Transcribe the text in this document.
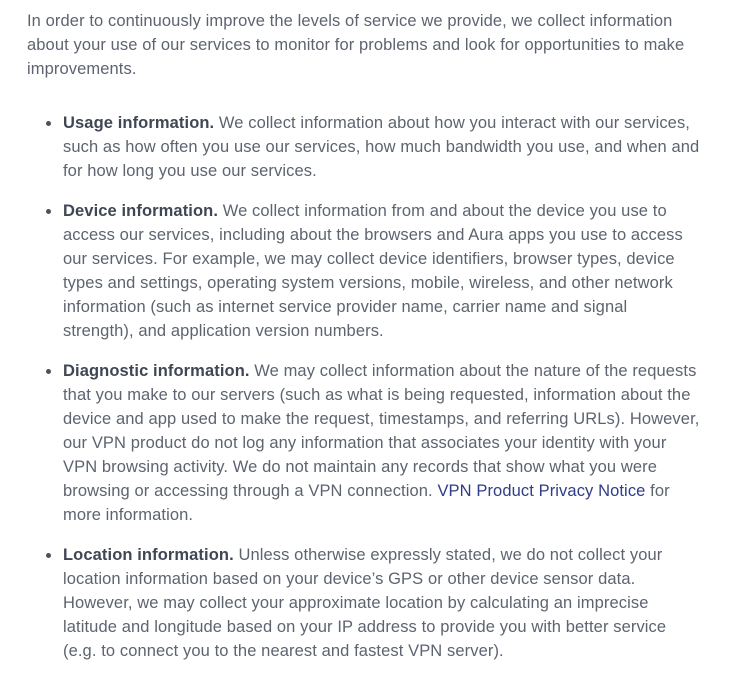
In order to continuously improve the levels of service we provide, we collect information about your use of our services to monitor for problems and look for opportunities to make improvements.

Usage information. We collect information about how you interact with our services, such as how often you use our services, how much bandwidth you use, and when and for how long you use our services.
Device information. We collect information from and about the device you use to access our services, including about the browsers and Aura apps you use to access our services. For example, we may collect device identifiers, browser types, device types and settings, operating system versions, mobile, wireless, and other network information (such as internet service provider name, carrier name and signal strength), and application version numbers.
Diagnostic information. We may collect information about the nature of the requests that you make to our servers (such as what is being requested, information about the device and app used to make the request, timestamps, and referring URLs). However, our VPN product do not log any information that associates your identity with your VPN browsing activity. We do not maintain any records that show what you were browsing or accessing through a VPN connection. VPN Product Privacy Notice for more information.
Location information. Unless otherwise expressly stated, we do not collect your location information based on your device’s GPS or other device sensor data. However, we may collect your approximate location by calculating an imprecise latitude and longitude based on your IP address to provide you with better service (e.g. to connect you to the nearest and fastest VPN server).
